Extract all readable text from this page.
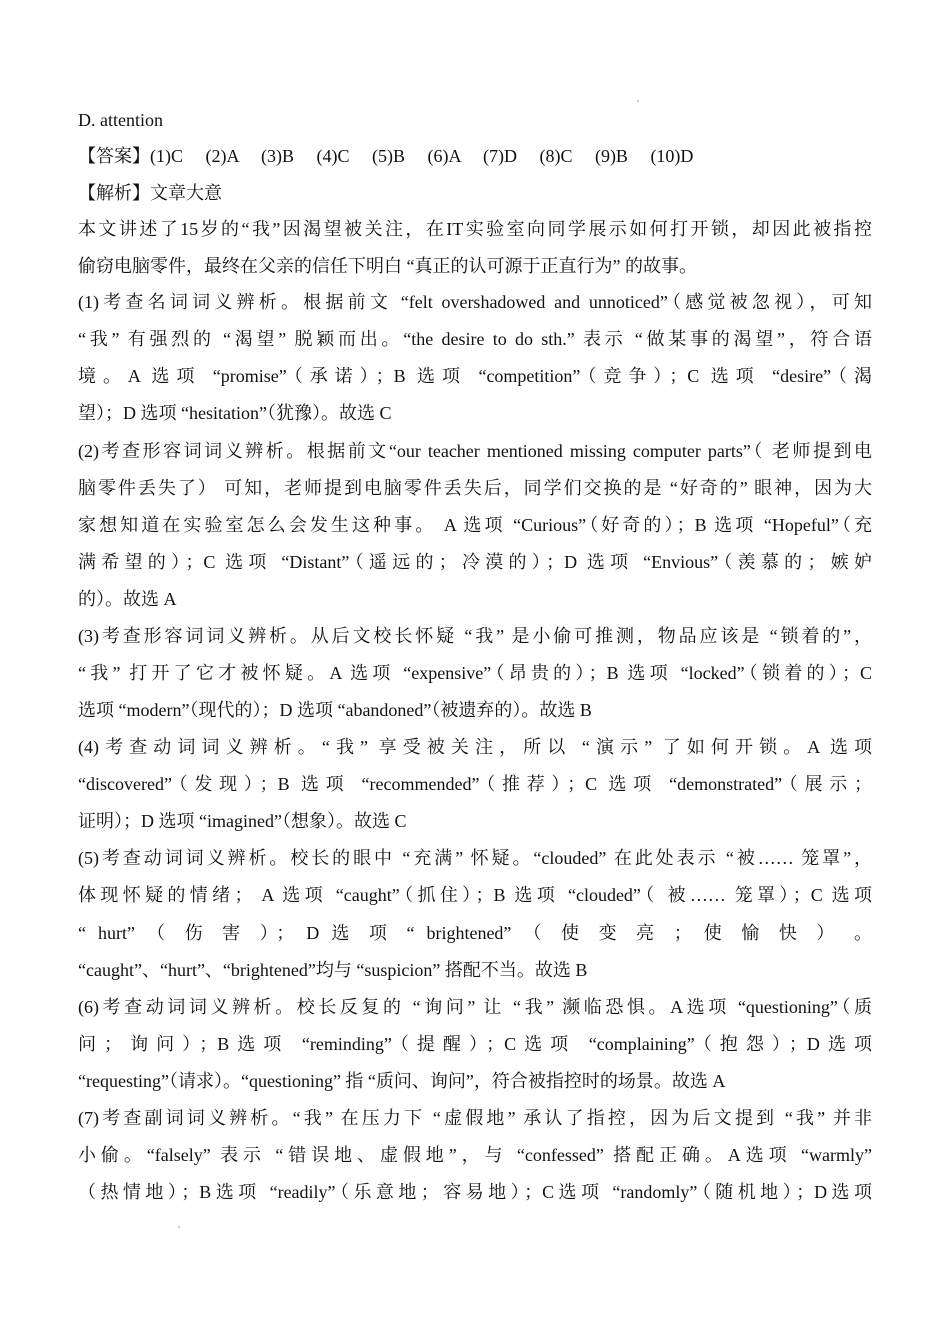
D. attention
【答案】(1)C     (2)A     (3)B     (4)C     (5)B     (6)A     (7)D     (8)C     (9)B     (10)D
【解析】文章大意
本文讲述了15岁的“我”因渴望被关注，在IT实验室向同学展示如何打开锁，却因此被指控
偷窃电脑零件，最终在父亲的信任下明白 “真正的认可源于正直行为” 的故事。
(1)考查名词词义辨析。根据前文 “felt overshadowed and unnoticed”（感觉被忽视），可知
“我” 有强烈的 “渴望” 脱颖而出。“the desire to do sth.” 表示 “做某事的渴望”，符合语
境。A 选项 “promise”（承诺）；B 选项 “competition”（竞争）；C 选项 “desire”（渴
望）；D 选项 “hesitation”（犹豫）。故选 C
(2)考查形容词词义辨析。根据前文“our teacher mentioned missing computer parts”（ 老师提到电
脑零件丢失了） 可知，老师提到电脑零件丢失后，同学们交换的是 “好奇的” 眼神，因为大
家想知道在实验室怎么会发生这种事。 A 选项 “Curious”（好奇的）；B 选项 “Hopeful”（充
满希望的）；C 选项 “Distant”（遥远的；冷漠的）；D 选项 “Envious”（羡慕的；嫉妒
的）。故选 A
(3)考查形容词词义辨析。从后文校长怀疑 “我” 是小偷可推测，物品应该是 “锁着的”，
“我” 打开了它才被怀疑。A 选项 “expensive”（昂贵的）；B 选项 “locked”（锁着的）；C
选项 “modern”（现代的）；D 选项 “abandoned”（被遗弃的）。故选 B
(4)考查动词词义辨析。“我” 享受被关注，所以 “演示” 了如何开锁。A 选项
“discovered”（发现）；B 选项 “recommended”（推荐）；C 选项 “demonstrated”（展示；
证明）；D 选项 “imagined”（想象）。故选 C
(5)考查动词词义辨析。校长的眼中 “充满” 怀疑。“clouded” 在此处表示 “被…… 笼罩”，
体现怀疑的情绪； A 选项 “caught”（抓住）；B 选项 “clouded”（ 被…… 笼罩）；C 选项
“ hurt” （ 伤 害 ）； D 选 项 “ brightened” （ 使 变 亮 ； 使 愉 快 ） 。
“caught”、“hurt”、“brightened”均与 “suspicion” 搭配不当。故选 B
(6)考查动词词义辨析。校长反复的 “询问” 让 “我” 濒临恐惧。A选项 “questioning”（质
问；询问）；B选项 “reminding”（提醒）；C选项 “complaining”（抱怨）；D选项
“requesting”（请求）。“questioning” 指 “质问、询问”，符合被指控时的场景。故选 A
(7)考查副词词义辨析。“我” 在压力下 “虚假地” 承认了指控，因为后文提到 “我” 并非
小偷。“falsely” 表示 “错误地、虚假地”，与 “confessed” 搭配正确。A选项 “warmly”
（热情地）；B选项 “readily”（乐意地；容易地）；C选项 “randomly”（随机地）；D选项
